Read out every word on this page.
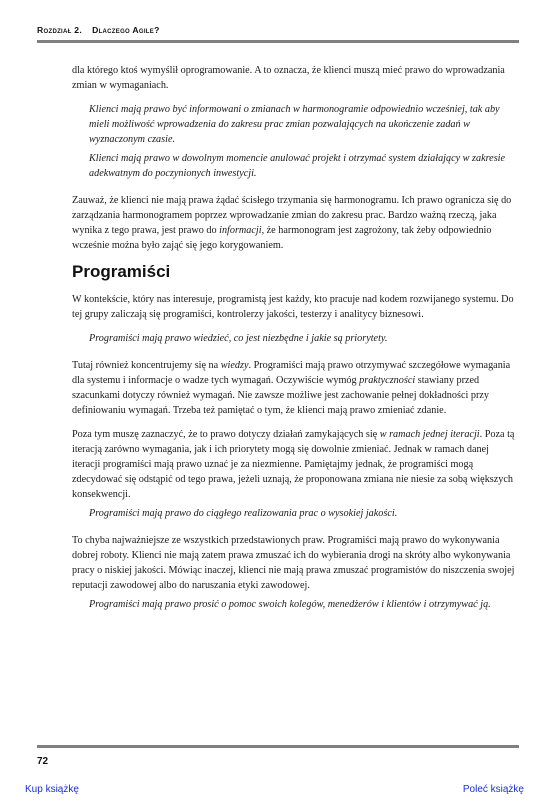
Rozdział 2. Dlaczego Agile?

dla którego ktoś wymyślił oprogramowanie. A to oznacza, że klienci muszą mieć prawo do wprowadzania zmian w wymaganiach.

Klienci mają prawo być informowani o zmianach w harmonogramie odpowiednio wcześniej, tak aby mieli możliwość wprowadzenia do zakresu prac zmian pozwalających na ukończenie zadań w wyznaczonym czasie.

Klienci mają prawo w dowolnym momencie anulować projekt i otrzymać system działający w zakresie adekwatnym do poczynionych inwestycji.

Zauważ, że klienci nie mają prawa żądać ścisłego trzymania się harmonogramu. Ich prawo ogranicza się do zarządzania harmonogramem poprzez wprowadzanie zmian do zakresu prac. Bardzo ważną rzeczą, jaka wynika z tego prawa, jest prawo do informacji, że harmonogram jest zagrożony, tak żeby odpowiednio wcześnie można było zająć się jego korygowaniem.

Programiści

W kontekście, który nas interesuje, programistą jest każdy, kto pracuje nad kodem rozwijanego systemu. Do tej grupy zaliczają się programiści, kontrolerzy jakości, testerzy i analitycy biznesowi.

Programiści mają prawo wiedzieć, co jest niezbędne i jakie są priorytety.

Tutaj również koncentrujemy się na wiedzy. Programiści mają prawo otrzymywać szczegółowe wymagania dla systemu i informacje o wadze tych wymagań. Oczywiście wymóg praktyczności stawiany przed szacunkami dotyczy również wymagań. Nie zawsze możliwe jest zachowanie pełnej dokładności przy definiowaniu wymagań. Trzeba też pamiętać o tym, że klienci mają prawo zmieniać zdanie.

Poza tym muszę zaznaczyć, że to prawo dotyczy działań zamykających się w ramach jednej iteracji. Poza tą iteracją zarówno wymagania, jak i ich priorytety mogą się dowolnie zmieniać. Jednak w ramach danej iteracji programiści mają prawo uznać je za niezmienne. Pamiętajmy jednak, że programiści mogą zdecydować się odstąpić od tego prawa, jeżeli uznają, że proponowana zmiana nie niesie za sobą większych konsekwencji.

Programiści mają prawo do ciągłego realizowania prac o wysokiej jakości.

To chyba najważniejsze ze wszystkich przedstawionych praw. Programiści mają prawo do wykonywania dobrej roboty. Klienci nie mają zatem prawa zmuszać ich do wybierania drogi na skróty albo wykonywania pracy o niskiej jakości. Mówiąc inaczej, klienci nie mają prawa zmuszać programistów do niszczenia swojej reputacji zawodowej albo do naruszania etyki zawodowej.

Programiści mają prawo prosić o pomoc swoich kolegów, menedżerów i klientów i otrzymywać ją.

72
Kup książkę	Poleć książkę
